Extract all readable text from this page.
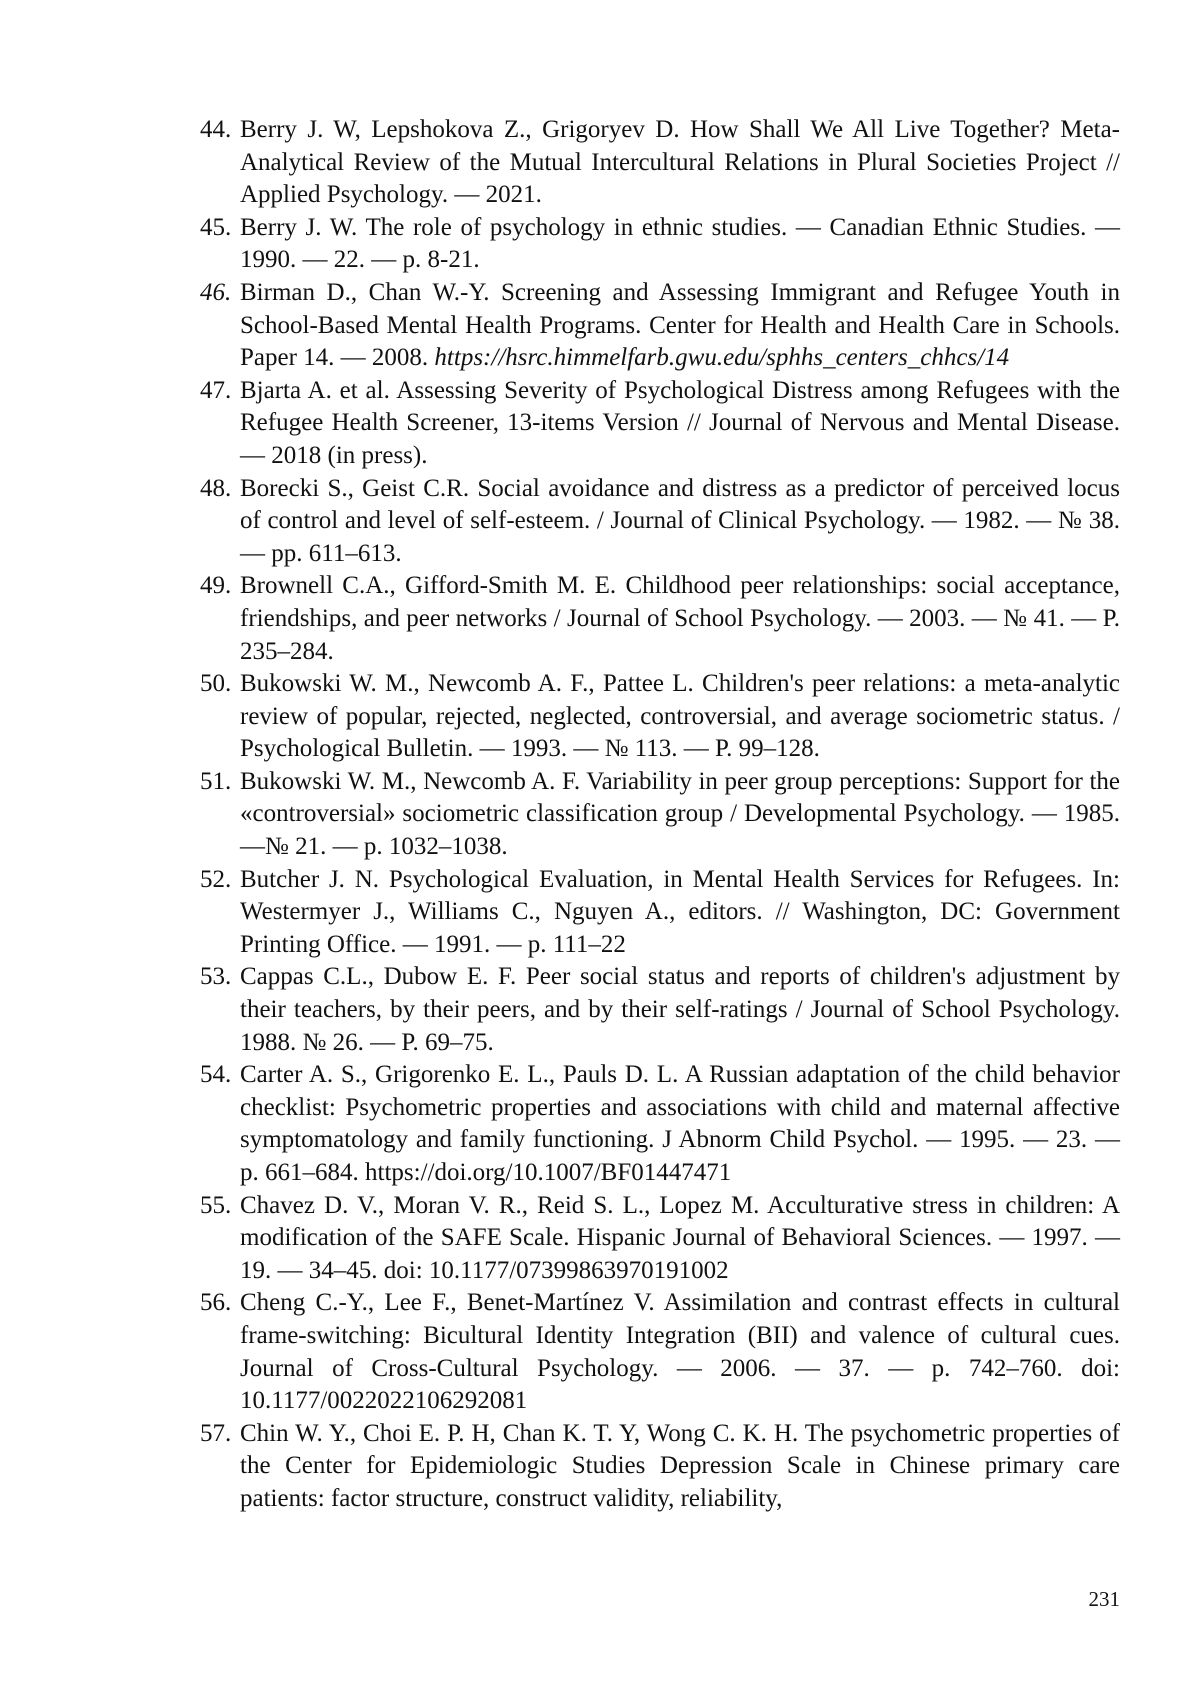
44. Berry J. W, Lepshokova Z., Grigoryev D. How Shall We All Live Together? Meta-Analytical Review of the Mutual Intercultural Relations in Plural Societies Project // Applied Psychology. — 2021.
45. Berry J. W. The role of psychology in ethnic studies. — Canadian Ethnic Studies. — 1990. — 22. — p. 8-21.
46. Birman D., Chan W.-Y. Screening and Assessing Immigrant and Refugee Youth in School-Based Mental Health Programs. Center for Health and Health Care in Schools. Paper 14. — 2008. https://hsrc.himmelfarb.gwu.edu/sphhs_centers_chhcs/14
47. Bjarta A. et al. Assessing Severity of Psychological Distress among Refugees with the Refugee Health Screener, 13-items Version // Journal of Nervous and Mental Disease. — 2018 (in press).
48. Borecki S., Geist C.R. Social avoidance and distress as a predictor of perceived locus of control and level of self-esteem. / Journal of Clinical Psychology. — 1982. — № 38. — pp. 611–613.
49. Brownell C.A., Gifford-Smith M. E. Childhood peer relationships: social acceptance, friendships, and peer networks / Journal of School Psychology. — 2003. — № 41. — P. 235–284.
50. Bukowski W. M., Newcomb A. F., Pattee L. Children's peer relations: a meta-analytic review of popular, rejected, neglected, controversial, and average sociometric status. / Psychological Bulletin. — 1993. — № 113. — P. 99–128.
51. Bukowski W. M., Newcomb A. F. Variability in peer group perceptions: Support for the «controversial» sociometric classification group / Developmental Psychology. — 1985. —№ 21. — p. 1032–1038.
52. Butcher J. N. Psychological Evaluation, in Mental Health Services for Refugees. In: Westermyer J., Williams C., Nguyen A., editors. // Washington, DC: Government Printing Office. — 1991. — p. 111–22
53. Cappas C.L., Dubow E. F. Peer social status and reports of children's adjustment by their teachers, by their peers, and by their self-ratings / Journal of School Psychology. 1988. № 26. — P. 69–75.
54. Carter A. S., Grigorenko E. L., Pauls D. L. A Russian adaptation of the child behavior checklist: Psychometric properties and associations with child and maternal affective symptomatology and family functioning. J Abnorm Child Psychol. — 1995. — 23. — p. 661–684. https://doi.org/10.1007/BF01447471
55. Chavez D. V., Moran V. R., Reid S. L., Lopez M. Acculturative stress in children: A modification of the SAFE Scale. Hispanic Journal of Behavioral Sciences. — 1997. — 19. — 34–45. doi: 10.1177/07399863970191002
56. Cheng C.-Y., Lee F., Benet-Martínez V. Assimilation and contrast effects in cultural frame-switching: Bicultural Identity Integration (BII) and valence of cultural cues. Journal of Cross-Cultural Psychology. — 2006. — 37. — p. 742–760. doi: 10.1177/0022022106292081
57. Chin W. Y., Choi E. P. H, Chan K. T. Y, Wong C. K. H. The psychometric properties of the Center for Epidemiologic Studies Depression Scale in Chinese primary care patients: factor structure, construct validity, reliability,
231
